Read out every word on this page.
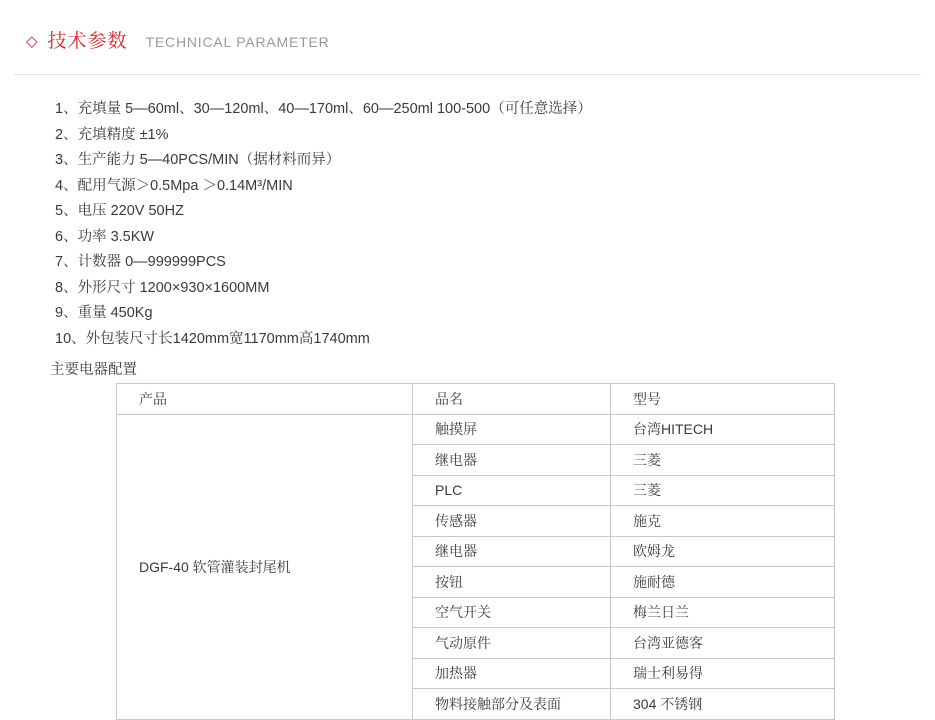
◇ 技术参数 TECHNICAL PARAMETER
1、充填量 5—60ml、30—120ml、40—170ml、60—250ml 100-500（可任意选择）
2、充填精度 ±1%
3、生产能力 5—40PCS/MIN（据材料而异）
4、配用气源＞0.5Mpa ＞0.14M³/MIN
5、电压 220V 50HZ
6、功率 3.5KW
7、计数器 0—999999PCS
8、外形尺寸 1200×930×1600MM
9、重量 450Kg
10、外包装尺寸长1420mm宽1170mm高1740mm
主要电器配置
产品	品名	型号
DGF-40 软管灌装封尾机	触摸屏	台湾HITECH
	继电器	三菱
	PLC	三菱
	传感器	施克
	继电器	欧姆龙
	按钮	施耐德
	空气开关	梅兰日兰
	气动原件	台湾亚德客
	加热器	瑞士利易得
	物料接触部分及表面	304 不锈钢
